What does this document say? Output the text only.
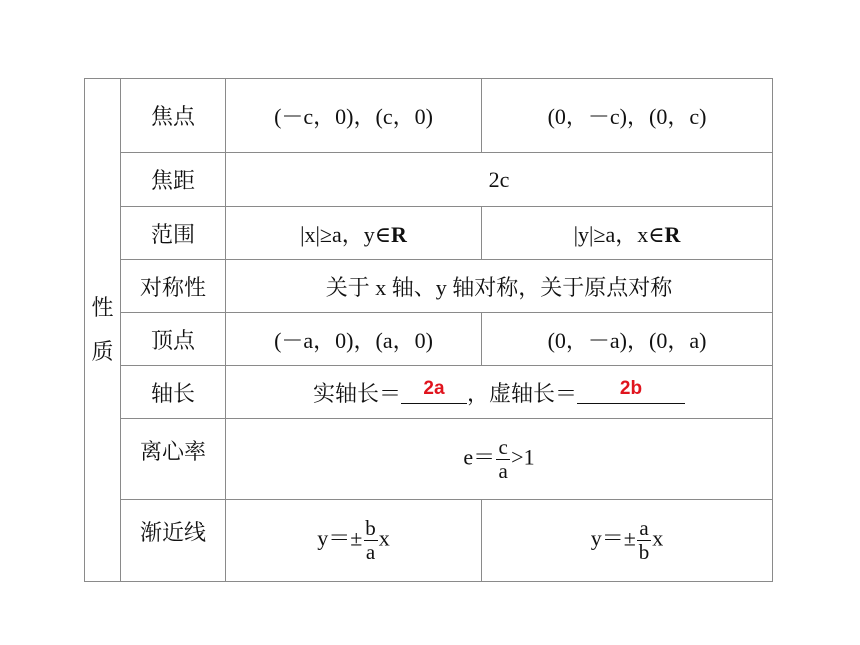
性
质	焦点	(－c，0)，(c，0)	(0，－c)，(0，c)
	焦距	2c	
	范围	|x|≥a，y∈R	|y|≥a，x∈R
	对称性	关于 x 轴、y 轴对称，关于原点对称	
	顶点	(－a，0)，(a，0)	(0，－a)，(0，a)
	轴长	实轴长＝ 2a ，虚轴长＝ 2b	
	离心率	$e= \frac{c}{a} >1$	
	渐近线	$y=\pm \frac{b}{a}$ x	$y=\pm \frac{a}{b}$ x
